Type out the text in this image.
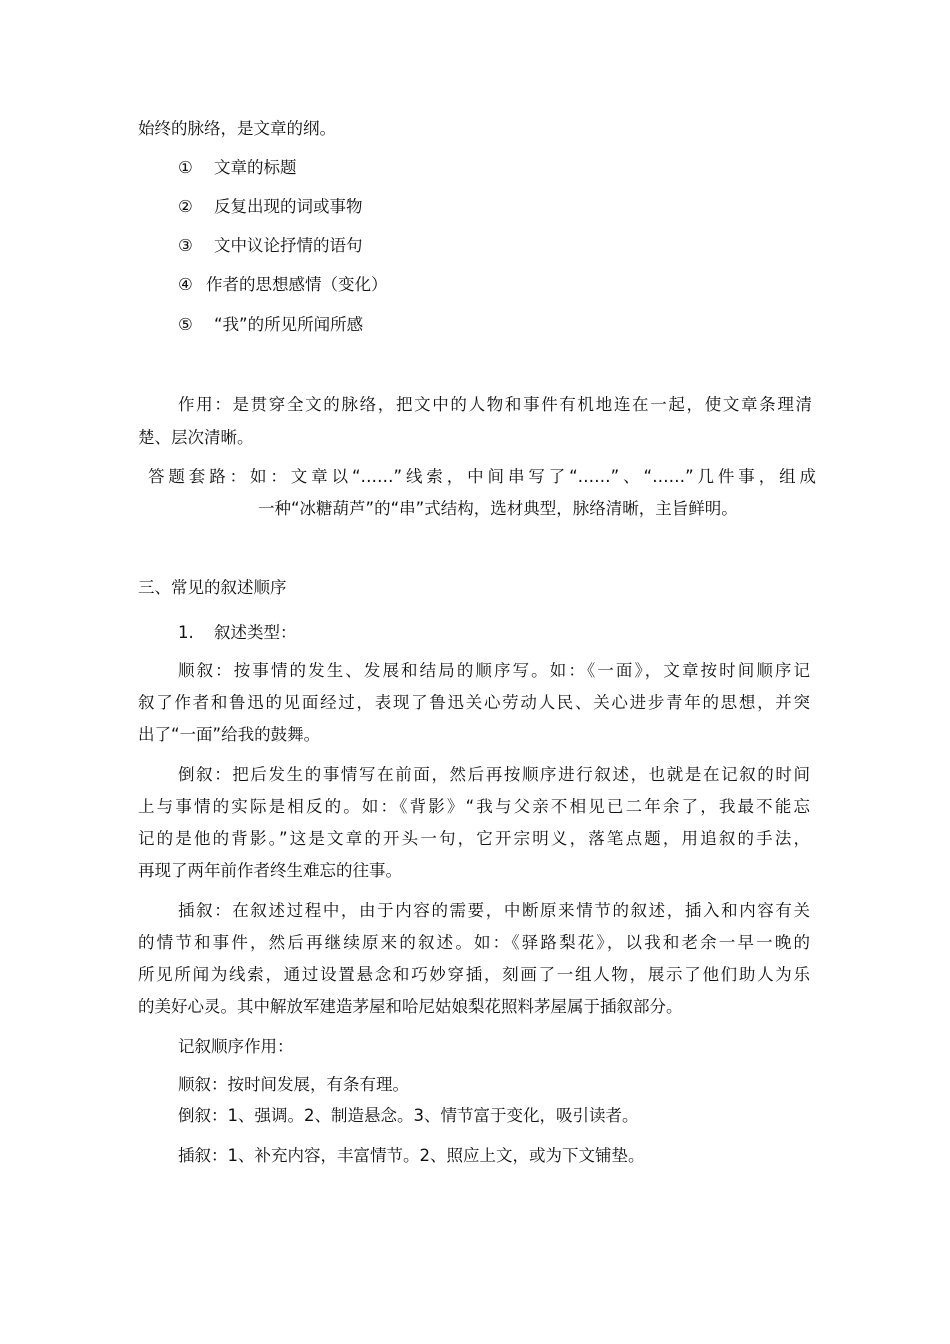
始终的脉络，是文章的纲。
① 文章的标题
② 反复出现的词或事物
③ 文中议论抒情的语句
④ 作者的思想感情（变化）
⑤ “我”的所见所闻所感
作用：是贯穿全文的脉络，把文中的人物和事件有机地连在一起，使文章条理清
楚、层次清晰。
答题套路：如：文章以“……”线索，中间串写了“……”、“……”几件事，组成
一种“冰糖葫芦”的“串”式结构，选材典型，脉络清晰，主旨鲜明。
三、常见的叙述顺序
1. 叙述类型：
顺叙：按事情的发生、发展和结局的顺序写。如：《一面》，文章按时间顺序记
叙了作者和鲁迅的见面经过，表现了鲁迅关心劳动人民、关心进步青年的思想，并突
出了“一面”给我的鼓舞。
倒叙：把后发生的事情写在前面，然后再按顺序进行叙述，也就是在记叙的时间
上与事情的实际是相反的。如：《背影》“我与父亲不相见已二年余了，我最不能忘
记的是他的背影。”这是文章的开头一句，它开宗明义，落笔点题，用追叙的手法，
再现了两年前作者终生难忘的往事。
插叙：在叙述过程中，由于内容的需要，中断原来情节的叙述，插入和内容有关
的情节和事件，然后再继续原来的叙述。如：《驿路梨花》，以我和老余一早一晚的
所见所闻为线索，通过设置悬念和巧妙穿插，刻画了一组人物，展示了他们助人为乐
的美好心灵。其中解放军建造茅屋和哈尼姑娘梨花照料茅屋属于插叙部分。
记叙顺序作用：
顺叙：按时间发展，有条有理。
倒叙：1、强调。2、制造悬念。3、情节富于变化，吸引读者。
插叙：1、补充内容，丰富情节。2、照应上文，或为下文铺垫。
